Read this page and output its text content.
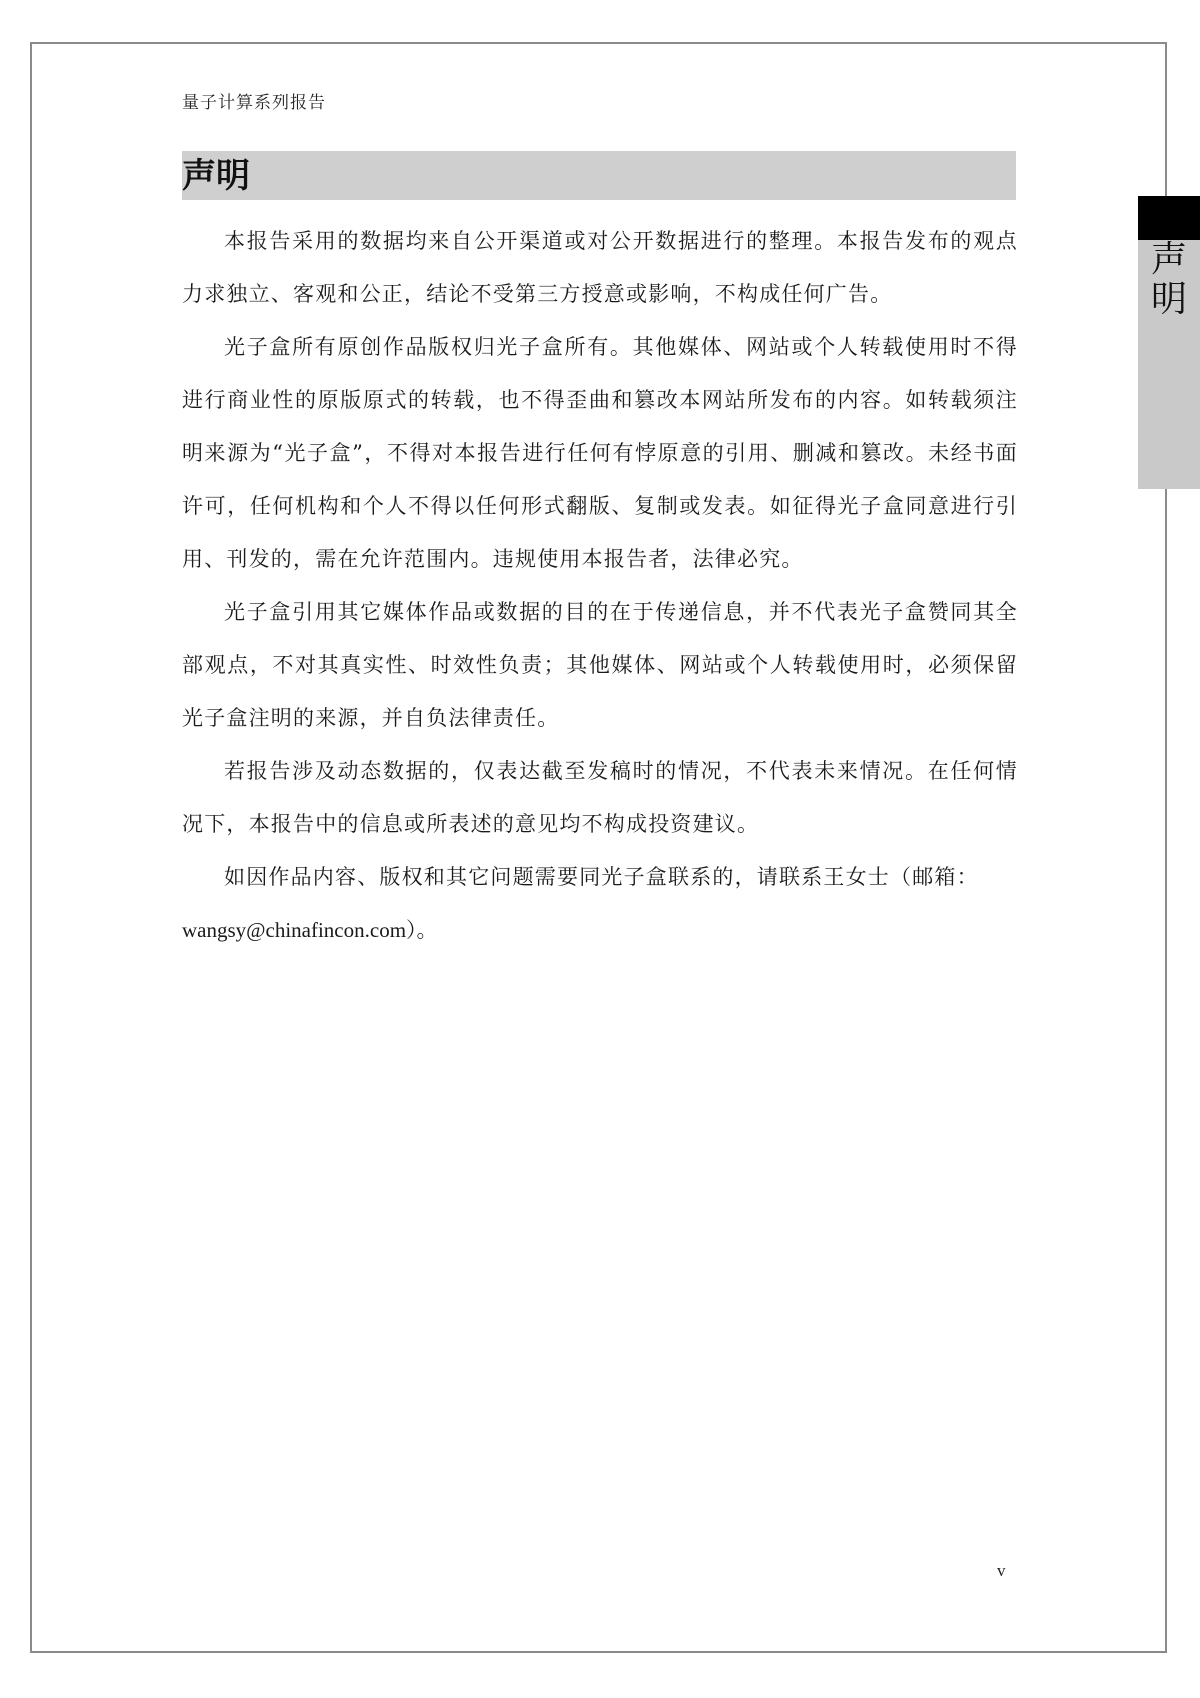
量子计算系列报告
声明
声
明

本报告采用的数据均来自公开渠道或对公开数据进行的整理。本报告发布的观点力求独立、客观和公正，结论不受第三方授意或影响，不构成任何广告。

光子盒所有原创作品版权归光子盒所有。其他媒体、网站或个人转载使用时不得进行商业性的原版原式的转载，也不得歪曲和篡改本网站所发布的内容。如转载须注明来源为“光子盒”，不得对本报告进行任何有悖原意的引用、删减和篡改。未经书面许可，任何机构和个人不得以任何形式翻版、复制或发表。如征得光子盒同意进行引用、刊发的，需在允许范围内。违规使用本报告者，法律必究。

光子盒引用其它媒体作品或数据的目的在于传递信息，并不代表光子盒赞同其全部观点，不对其真实性、时效性负责；其他媒体、网站或个人转载使用时，必须保留光子盒注明的来源，并自负法律责任。

若报告涉及动态数据的，仅表达截至发稿时的情况，不代表未来情况。在任何情况下，本报告中的信息或所表述的意见均不构成投资建议。

如因作品内容、版权和其它问题需要同光子盒联系的，请联系王女士（邮箱：

wangsy@chinafincon.com）。

v
